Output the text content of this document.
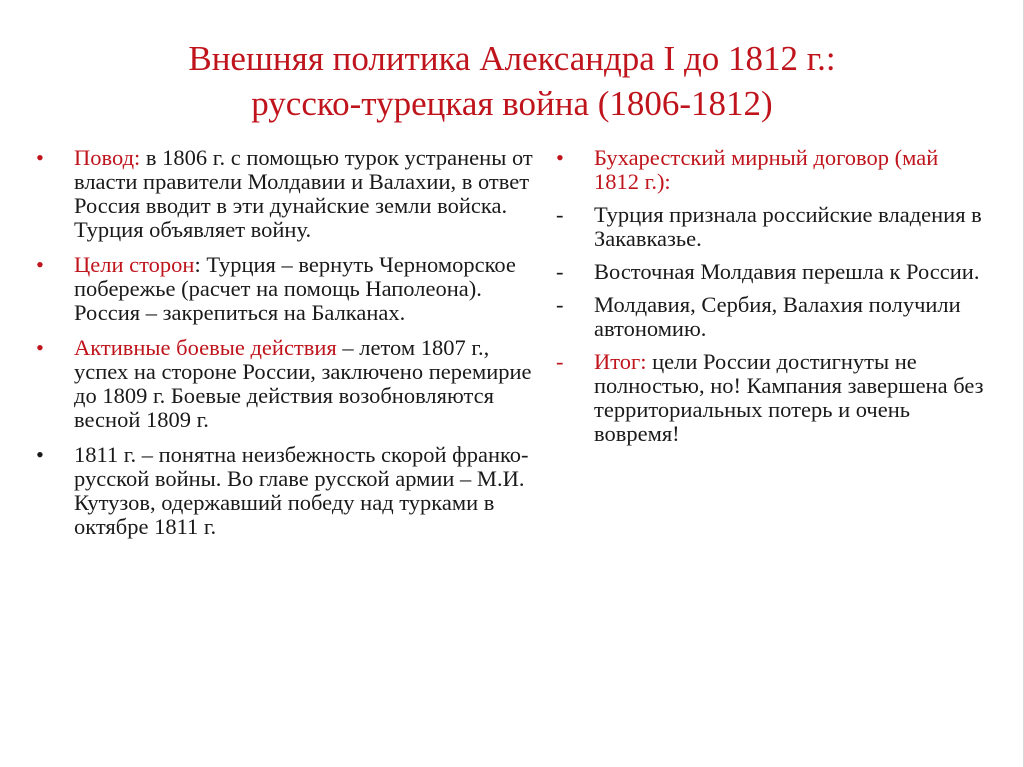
Внешняя политика Александра I до 1812 г.:
русско-турецкая война (1806-1812)
•	Повод: в 1806 г. с помощью турок устранены от власти правители Молдавии и Валахии, в ответ Россия вводит в эти дунайские земли войска. Турция объявляет войну.
•	Цели сторон: Турция – вернуть Черноморское побережье (расчет на помощь Наполеона). Россия – закрепиться на Балканах.
•	Активные боевые действия – летом 1807 г., успех на стороне России, заключено перемирие до 1809 г. Боевые действия возобновляются весной 1809 г.
•	1811 г. – понятна неизбежность скорой франко-русской войны. Во главе русской армии – М.И. Кутузов, одержавший победу над турками в октябре 1811 г.
•	Бухарестский мирный договор (май 1812 г.):
-	Турция признала российские владения в Закавказье.
-	Восточная Молдавия перешла к России.
-	Молдавия, Сербия, Валахия получили автономию.
-	Итог: цели России достигнуты не полностью, но! Кампания завершена без территориальных потерь и очень вовремя!
